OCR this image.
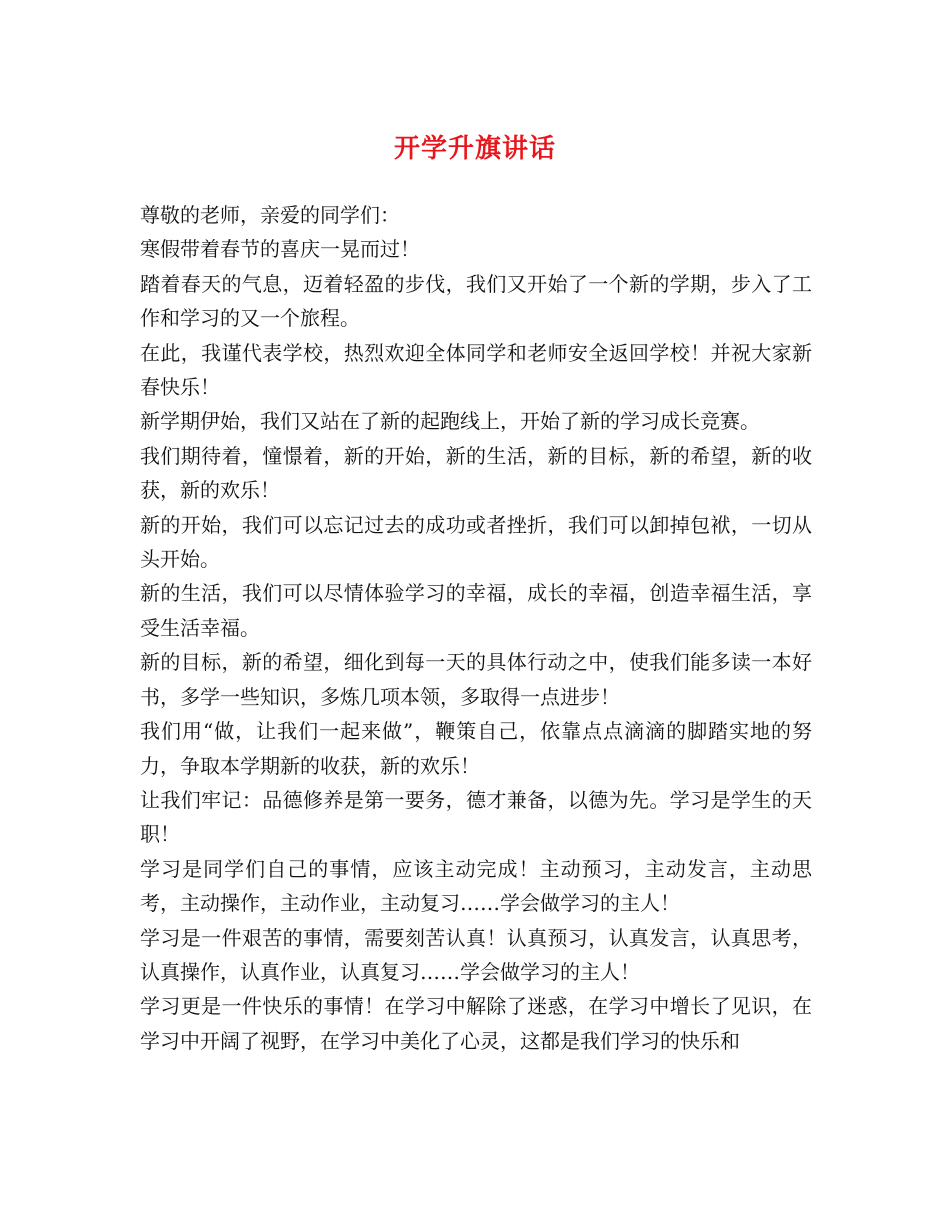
开学升旗讲话

尊敬的老师，亲爱的同学们：

寒假带着春节的喜庆一晃而过！

踏着春天的气息，迈着轻盈的步伐，我们又开始了一个新的学期，步入了工作和学习的又一个旅程。

在此，我谨代表学校，热烈欢迎全体同学和老师安全返回学校！并祝大家新春快乐！

新学期伊始，我们又站在了新的起跑线上，开始了新的学习成长竞赛。

我们期待着，憧憬着，新的开始，新的生活，新的目标，新的希望，新的收获，新的欢乐！

新的开始，我们可以忘记过去的成功或者挫折，我们可以卸掉包袱，一切从头开始。

新的生活，我们可以尽情体验学习的幸福，成长的幸福，创造幸福生活，享受生活幸福。

新的目标，新的希望，细化到每一天的具体行动之中，使我们能多读一本好书，多学一些知识，多炼几项本领，多取得一点进步！

我们用“做，让我们一起来做”，鞭策自己，依靠点点滴滴的脚踏实地的努力，争取本学期新的收获，新的欢乐！

让我们牢记：品德修养是第一要务，德才兼备，以德为先。学习是学生的天职！

学习是同学们自己的事情，应该主动完成！主动预习，主动发言，主动思考，主动操作，主动作业，主动复习……学会做学习的主人！

学习是一件艰苦的事情，需要刻苦认真！认真预习，认真发言，认真思考，认真操作，认真作业，认真复习……学会做学习的主人！

学习更是一件快乐的事情！在学习中解除了迷惑，在学习中增长了见识，在学习中开阔了视野，在学习中美化了心灵，这都是我们学习的快乐和
